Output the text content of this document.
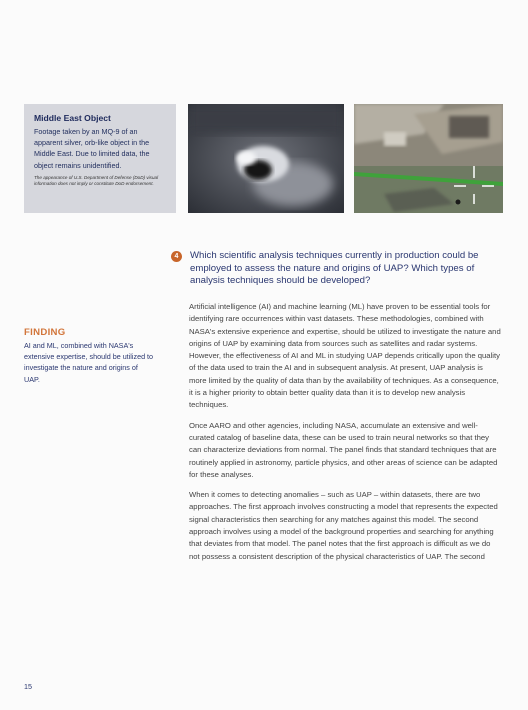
Middle East Object
Footage taken by an MQ-9 of an apparent silver, orb-like object in the Middle East. Due to limited data, the object remains unidentified.
The appearance of U.S. Department of Defense (DoD) visual information does not imply or constitute DoD endorsement.
4	Which scientific analysis techniques currently in production could be employed to assess the nature and origins of UAP? Which types of analysis techniques should be developed?
FINDING
AI and ML, combined with NASA's extensive expertise, should be utilized to investigate the nature and origins of UAP.

Artificial intelligence (AI) and machine learning (ML) have proven to be essential tools for identifying rare occurrences within vast datasets. These methodologies, combined with NASA's extensive experience and expertise, should be utilized to investigate the nature and origins of UAP by examining data from sources such as satellites and radar systems. However, the effectiveness of AI and ML in studying UAP depends critically upon the quality of the data used to train the AI and in subsequent analysis. At present, UAP analysis is more limited by the quality of data than by the availability of techniques. As a consequence, it is a higher priority to obtain better quality data than it is to develop new analysis techniques.

Once AARO and other agencies, including NASA, accumulate an extensive and well-curated catalog of baseline data, these can be used to train neural networks so that they can characterize deviations from normal. The panel finds that standard techniques that are routinely applied in astronomy, particle physics, and other areas of science can be adapted for these analyses.

When it comes to detecting anomalies – such as UAP – within datasets, there are two approaches. The first approach involves constructing a model that represents the expected signal characteristics then searching for any matches against this model. The second approach involves using a model of the background properties and searching for anything that deviates from that model. The panel notes that the first approach is difficult as we do not possess a consistent description of the physical characteristics of UAP. The second

15
